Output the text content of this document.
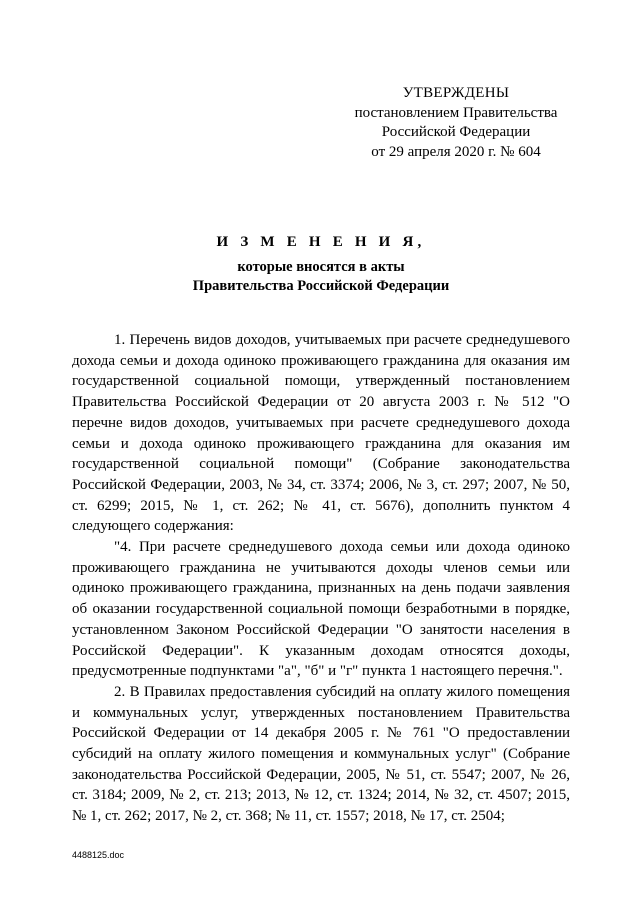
УТВЕРЖДЕНЫ
постановлением Правительства
Российской Федерации
от 29 апреля 2020 г. № 604
И З М Е Н Е Н И Я,
которые вносятся в акты
Правительства Российской Федерации

1. Перечень видов доходов, учитываемых при расчете среднедушевого дохода семьи и дохода одиноко проживающего гражданина для оказания им государственной социальной помощи, утвержденный постановлением Правительства Российской Федерации от 20 августа 2003 г. № 512 "О перечне видов доходов, учитываемых при расчете среднедушевого дохода семьи и дохода одиноко проживающего гражданина для оказания им государственной социальной помощи" (Собрание законодательства Российской Федерации, 2003, № 34, ст. 3374; 2006, № 3, ст. 297; 2007, № 50, ст. 6299; 2015, № 1, ст. 262; № 41, ст. 5676), дополнить пунктом 4 следующего содержания:

"4. При расчете среднедушевого дохода семьи или дохода одиноко проживающего гражданина не учитываются доходы членов семьи или одиноко проживающего гражданина, признанных на день подачи заявления об оказании государственной социальной помощи безработными в порядке, установленном Законом Российской Федерации "О занятости населения в Российской Федерации". К указанным доходам относятся доходы, предусмотренные подпунктами "а", "б" и "г" пункта 1 настоящего перечня.".

2. В Правилах предоставления субсидий на оплату жилого помещения и коммунальных услуг, утвержденных постановлением Правительства Российской Федерации от 14 декабря 2005 г. № 761 "О предоставлении субсидий на оплату жилого помещения и коммунальных услуг" (Собрание законодательства Российской Федерации, 2005, № 51, ст. 5547; 2007, № 26, ст. 3184; 2009, № 2, ст. 213; 2013, № 12, ст. 1324; 2014, № 32, ст. 4507; 2015, № 1, ст. 262; 2017, № 2, ст. 368; № 11, ст. 1557; 2018, № 17, ст. 2504;

4488125.doc
